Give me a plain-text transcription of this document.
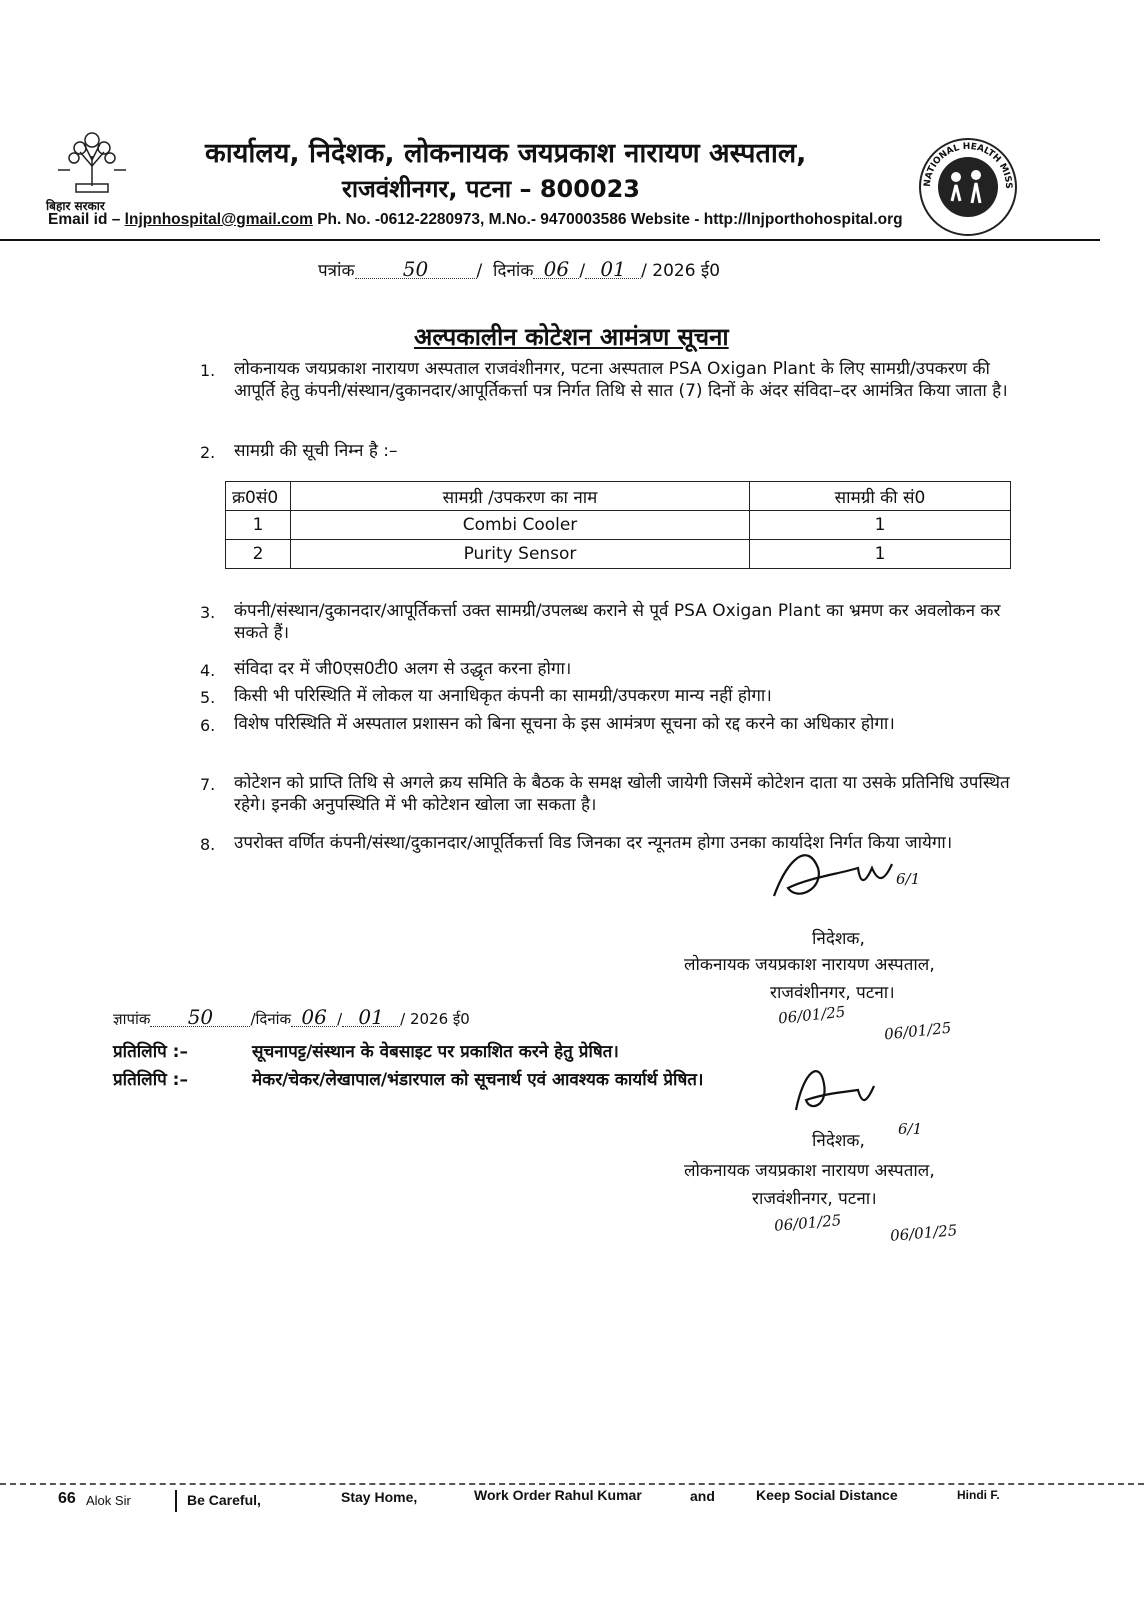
बिहार सरकार
कार्यालय, निदेशक, लोकनायक जयप्रकाश नारायण अस्पताल,
राजवंशीनगर, पटना – 800023	NATIONAL HEALTH MISS
Email id – lnjpnhospital@gmail.com Ph. No. -0612-2280973, M.No.- 9470003586 Website - http://lnjporthohospital.org
पत्रांक 50	/  दिनांक 06 / 01 / 2026 ई0
अल्पकालीन कोटेशन आमंत्रण सूचना
1. लोकनायक जयप्रकाश नारायण अस्पताल राजवंशीनगर, पटना अस्पताल PSA Oxigan Plant के लिए सामग्री/उपकरण की आपूर्ति हेतु कंपनी/संस्थान/दुकानदार/आपूर्तिकर्त्ता पत्र निर्गत तिथि से सात (7) दिनों के अंदर संविदा–दर आमंत्रित किया जाता है।
2. सामग्री की सूची निम्न है :–
क्र0सं0	सामग्री /उपकरण का नाम	सामग्री की सं0
1	Combi Cooler	1
2	Purity Sensor	1
3. कंपनी/संस्थान/दुकानदार/आपूर्तिकर्त्ता उक्त सामग्री/उपलब्ध कराने से पूर्व PSA Oxigan Plant का भ्रमण कर अवलोकन कर सकते हैं।
4. संविदा दर में जी0एस0टी0 अलग से उद्धृत करना होगा।
5. किसी भी परिस्थिति में लोकल या अनाधिकृत कंपनी का सामग्री/उपकरण मान्य नहीं होगा।
6. विशेष परिस्थिति में अस्पताल प्रशासन को बिना सूचना के इस आमंत्रण सूचना को रद्द करने का अधिकार होगा।
7. कोटेशन को प्राप्ति तिथि से अगले क्रय समिति के बैठक के समक्ष खोली जायेगी जिसमें कोटेशन दाता या उसके प्रतिनिधि उपस्थित रहेगे। इनकी अनुपस्थिति में भी कोटेशन खोला जा सकता है।
8. उपरोक्त वर्णित कंपनी/संस्था/दुकानदार/आपूर्तिकर्त्ता विड जिनका दर न्यूनतम होगा उनका कार्यादेश निर्गत किया जायेगा।
6/1
निदेशक,
लोकनायक जयप्रकाश नारायण अस्पताल,
राजवंशीनगर, पटना।
06/01/25
06/01/25
ज्ञापांक 50 /दिनांक 06 / 01 / 2026 ई0
प्रतिलिपि :–	सूचनापट्ट/संस्थान के वेबसाइट पर प्रकाशित करने हेतु प्रेषित।
प्रतिलिपि :–	मेकर/चेकर/लेखापाल/भंडारपाल को सूचनार्थ एवं आवश्यक कार्यार्थ प्रेषित।
6/1
निदेशक,
लोकनायक जयप्रकाश नारायण अस्पताल,
राजवंशीनगर, पटना।
06/01/25	06/01/25
66 Alok Sir	Be Careful,	Stay Home,	Work Order Rahul Kumar	and	Keep Social Distance	Hindi F.
